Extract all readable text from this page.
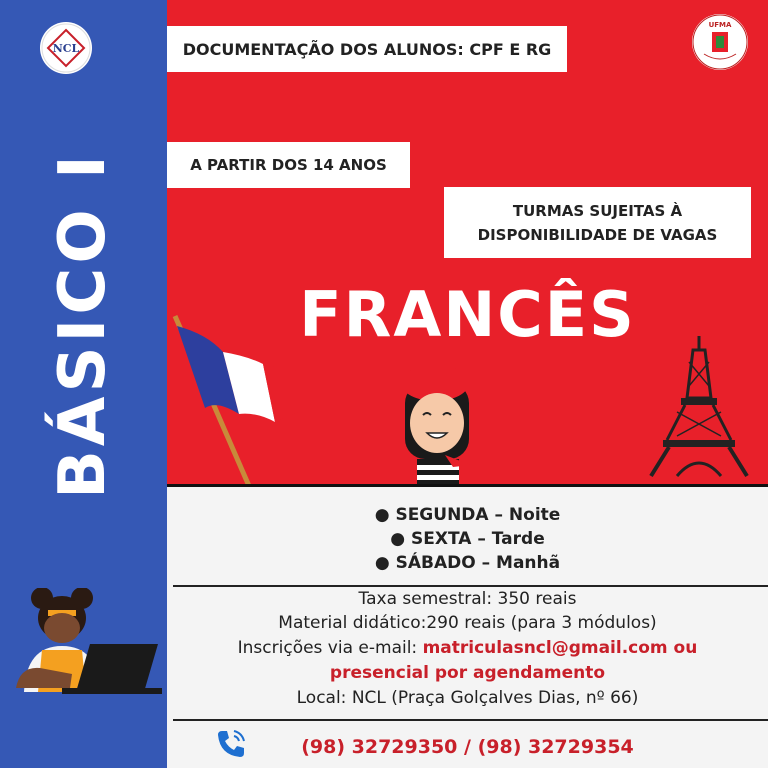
BÁSICO I
NCL
UFMA
DOCUMENTAÇÃO DOS ALUNOS: CPF E RG
A PARTIR DOS 14 ANOS
TURMAS SUJEITAS À
DISPONIBILIDADE DE VAGAS
FRANCÊS
● SEGUNDA – Noite
● SEXTA – Tarde
● SÁBADO – Manhã
Taxa semestral: 350 reais
Material didático:290 reais (para 3 módulos)
Inscrições via e-mail: matriculasncl@gmail.com ou
presencial por agendamento
Local: NCL (Praça Golçalves Dias, nº 66)
(98) 32729350 / (98) 32729354
